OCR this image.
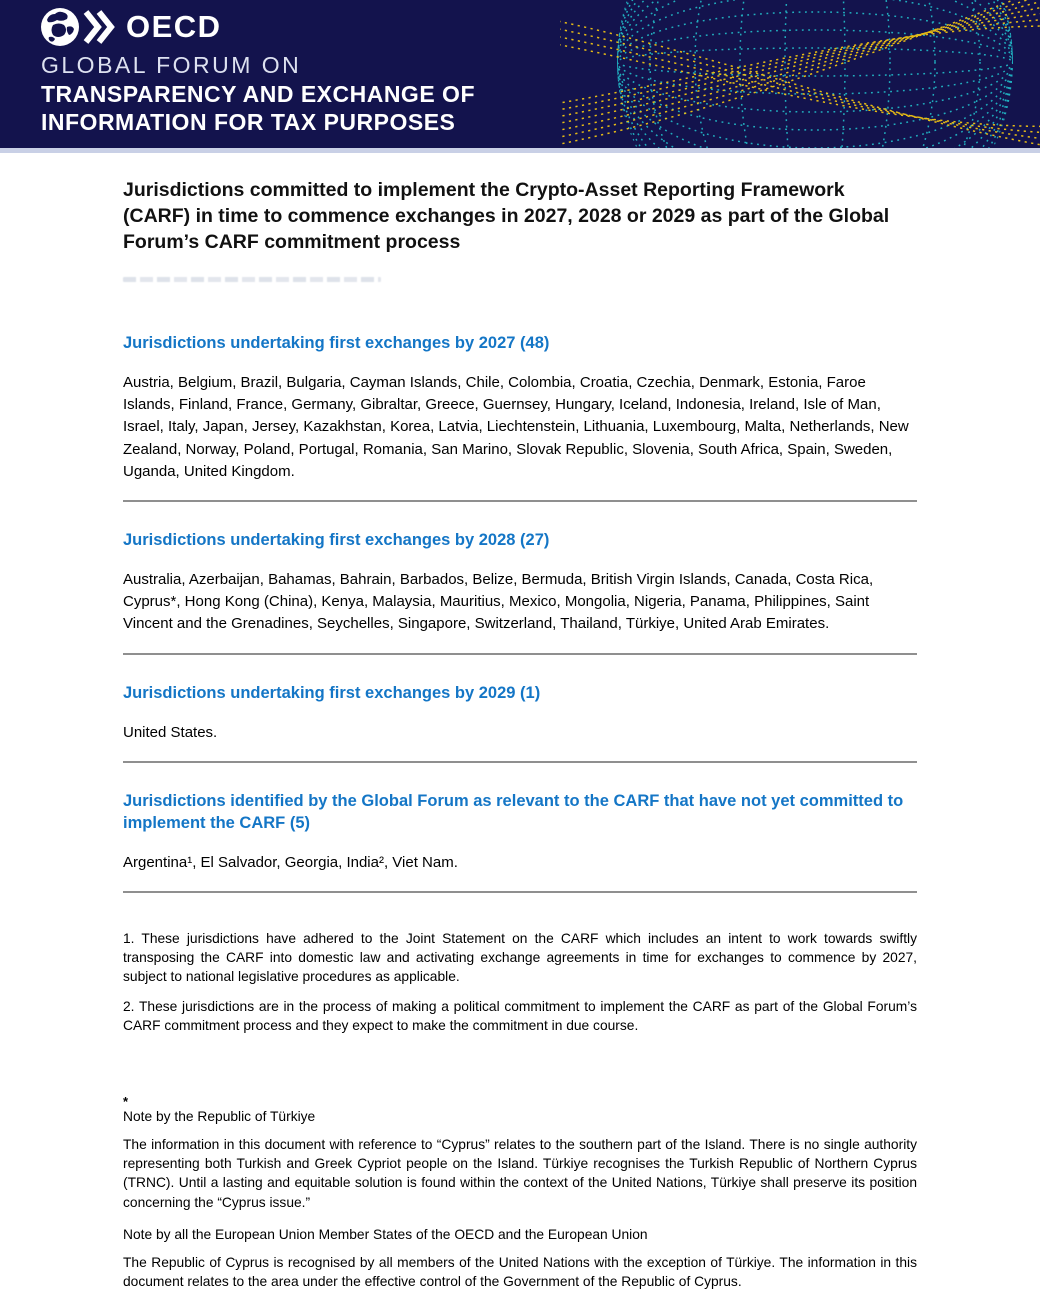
OECD
GLOBAL FORUM ON
TRANSPARENCY AND EXCHANGE OF
INFORMATION FOR TAX PURPOSES
Jurisdictions committed to implement the Crypto-Asset Reporting Framework (CARF) in time to commence exchanges in 2027, 2028 or 2029 as part of the Global Forum’s CARF commitment process
Jurisdictions undertaking first exchanges by 2027 (48)
Austria, Belgium, Brazil, Bulgaria, Cayman Islands, Chile, Colombia, Croatia, Czechia, Denmark, Estonia, Faroe Islands, Finland, France, Germany, Gibraltar, Greece, Guernsey, Hungary, Iceland, Indonesia, Ireland, Isle of Man, Israel, Italy, Japan, Jersey, Kazakhstan, Korea, Latvia, Liechtenstein, Lithuania, Luxembourg, Malta, Netherlands, New Zealand, Norway, Poland, Portugal, Romania, San Marino, Slovak Republic, Slovenia, South Africa, Spain, Sweden, Uganda, United Kingdom.
Jurisdictions undertaking first exchanges by 2028 (27)
Australia, Azerbaijan, Bahamas, Bahrain, Barbados, Belize, Bermuda, British Virgin Islands, Canada, Costa Rica, Cyprus*, Hong Kong (China), Kenya, Malaysia, Mauritius, Mexico, Mongolia, Nigeria, Panama, Philippines, Saint Vincent and the Grenadines, Seychelles, Singapore, Switzerland, Thailand, Türkiye, United Arab Emirates.
Jurisdictions undertaking first exchanges by 2029 (1)
United States.
Jurisdictions identified by the Global Forum as relevant to the CARF that have not yet committed to implement the CARF (5)
Argentina¹, El Salvador, Georgia, India², Viet Nam.
1. These jurisdictions have adhered to the Joint Statement on the CARF which includes an intent to work towards swiftly transposing the CARF into domestic law and activating exchange agreements in time for exchanges to commence by 2027, subject to national legislative procedures as applicable.
2. These jurisdictions are in the process of making a political commitment to implement the CARF as part of the Global Forum’s CARF commitment process and they expect to make the commitment in due course.
*
Note by the Republic of Türkiye
The information in this document with reference to “Cyprus” relates to the southern part of the Island. There is no single authority representing both Turkish and Greek Cypriot people on the Island. Türkiye recognises the Turkish Republic of Northern Cyprus (TRNC). Until a lasting and equitable solution is found within the context of the United Nations, Türkiye shall preserve its position concerning the “Cyprus issue.”
Note by all the European Union Member States of the OECD and the European Union
The Republic of Cyprus is recognised by all members of the United Nations with the exception of Türkiye. The information in this document relates to the area under the effective control of the Government of the Republic of Cyprus.
